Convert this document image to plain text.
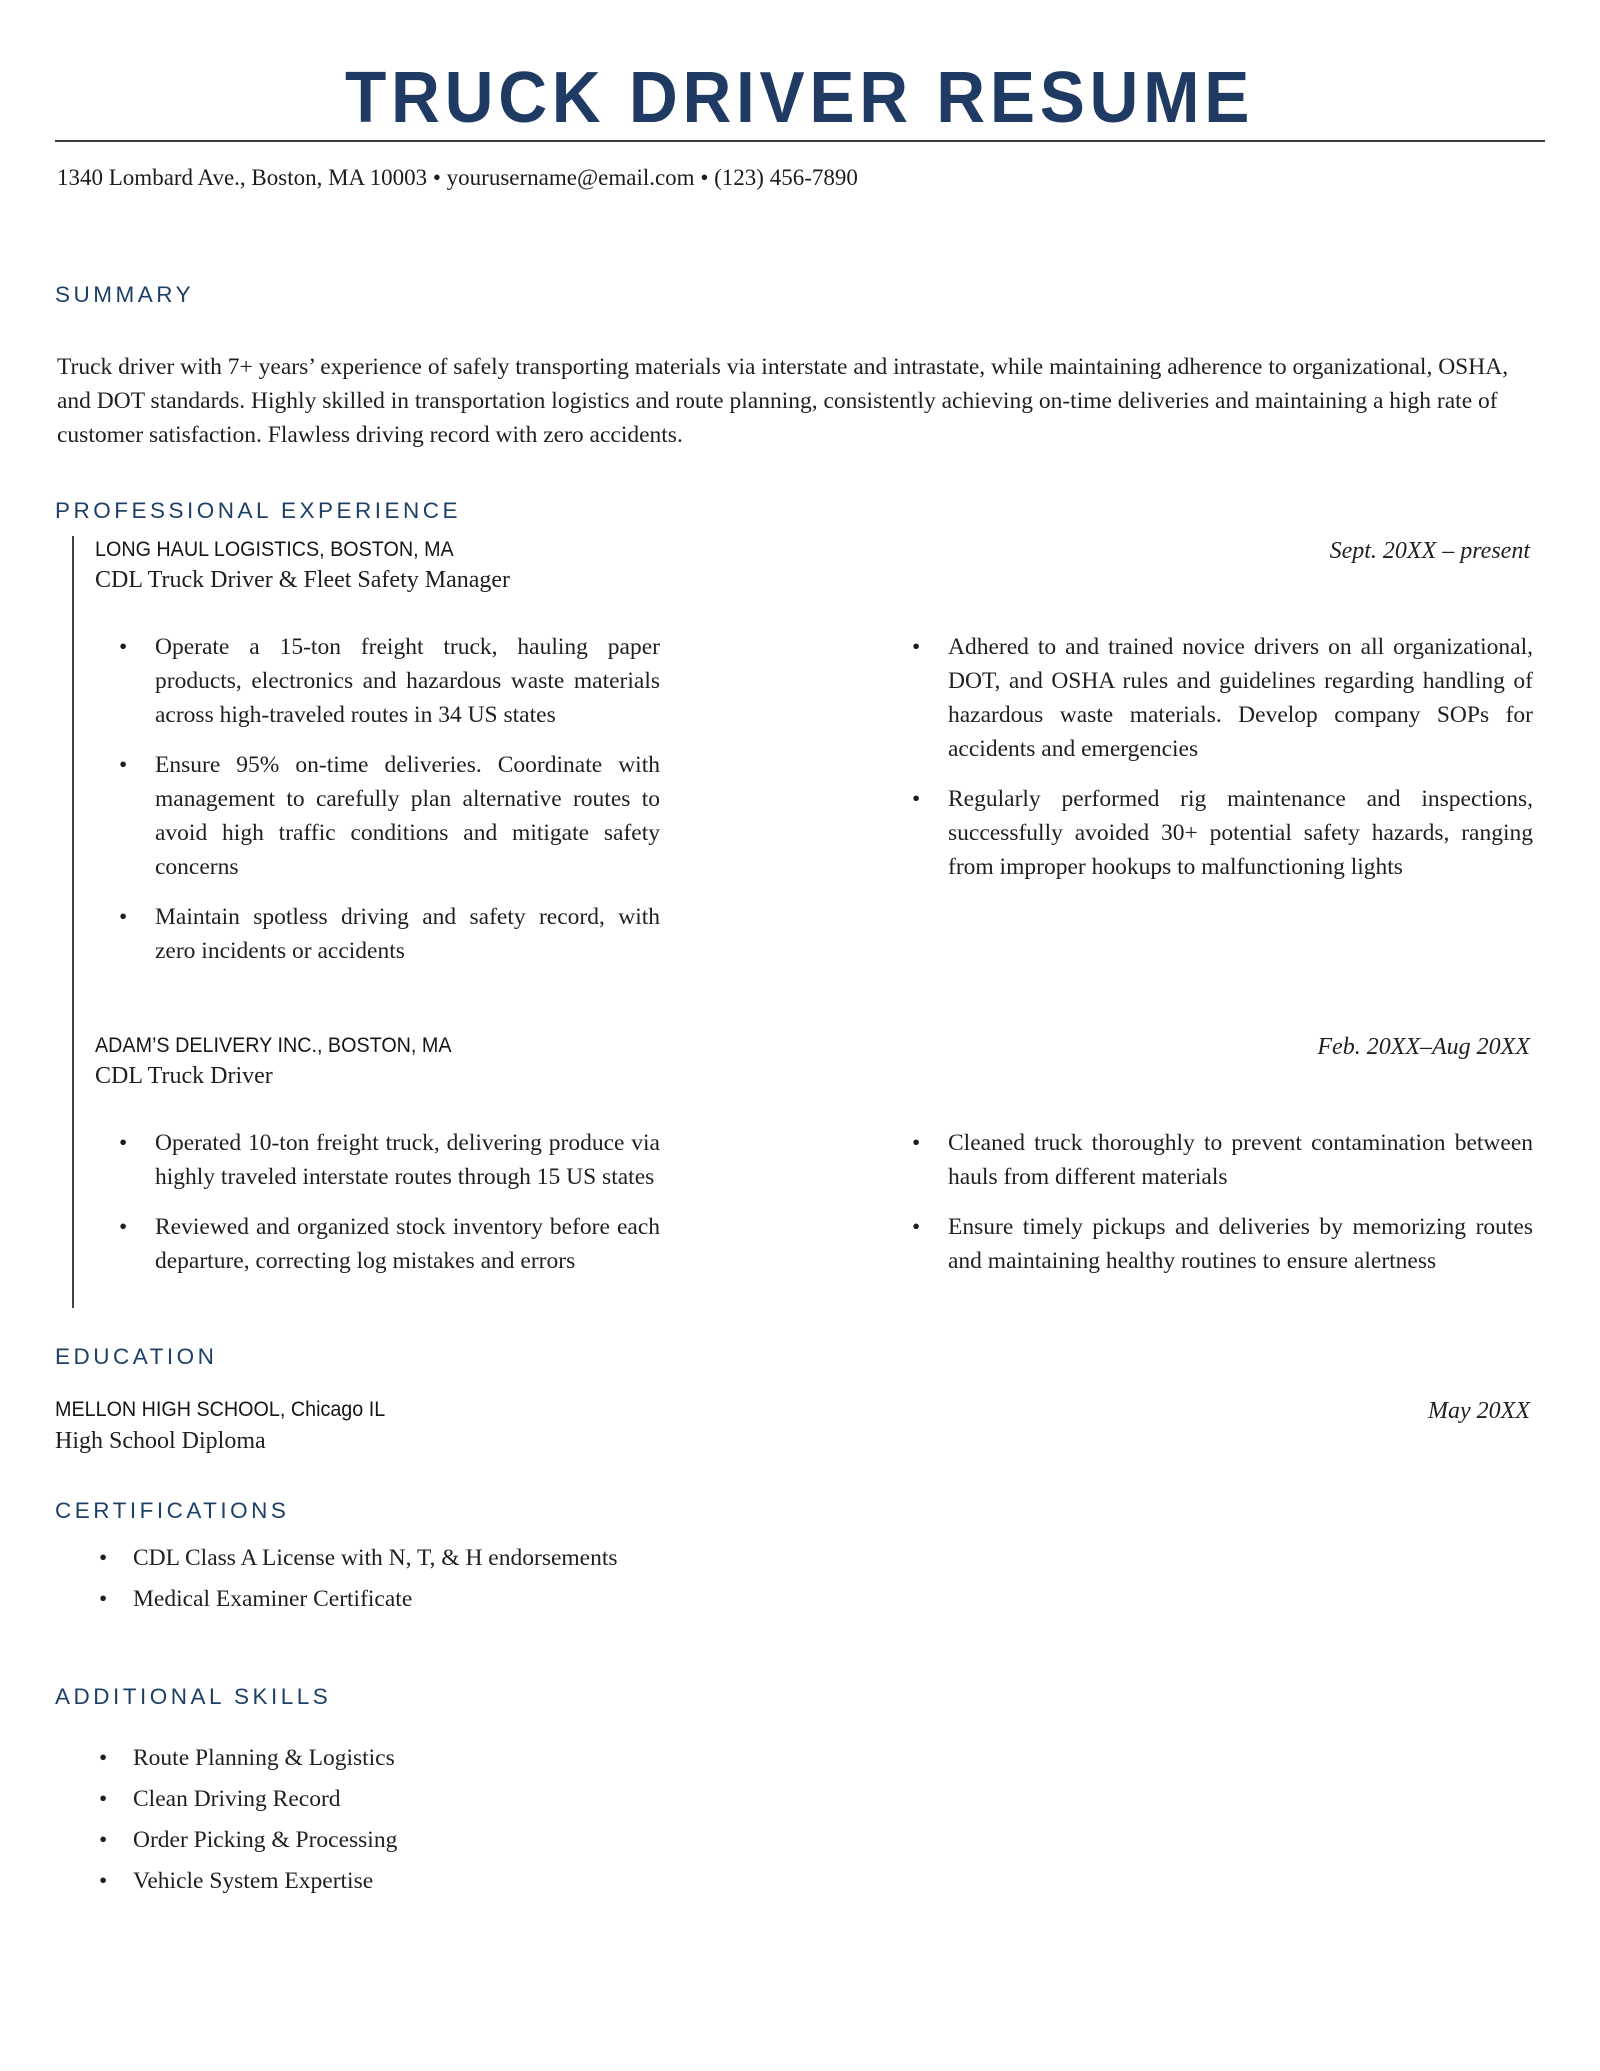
TRUCK DRIVER RESUME

1340 Lombard Ave., Boston, MA 10003 • yourusername@email.com • (123) 456-7890

SUMMARY

Truck driver with 7+ years’ experience of safely transporting materials via interstate and intrastate, while maintaining adherence to organizational, OSHA, and DOT standards. Highly skilled in transportation logistics and route planning, consistently achieving on-time deliveries and maintaining a high rate of customer satisfaction. Flawless driving record with zero accidents.

PROFESSIONAL EXPERIENCE
LONG HAUL LOGISTICS, BOSTON, MA
CDL Truck Driver & Fleet Safety Manager
Sept. 20XX – present
• Operate a 15-ton freight truck, hauling paper products, electronics and hazardous waste materials across high-traveled routes in 34 US states
• Ensure 95% on-time deliveries. Coordinate with management to carefully plan alternative routes to avoid high traffic conditions and mitigate safety concerns
• Maintain spotless driving and safety record, with zero incidents or accidents
• Adhered to and trained novice drivers on all organizational, DOT, and OSHA rules and guidelines regarding handling of hazardous waste materials. Develop company SOPs for accidents and emergencies
• Regularly performed rig maintenance and inspections, successfully avoided 30+ potential safety hazards, ranging from improper hookups to malfunctioning lights
ADAM’S DELIVERY INC., BOSTON, MA
CDL Truck Driver
Feb. 20XX–Aug 20XX
• Operated 10-ton freight truck, delivering produce via highly traveled interstate routes through 15 US states
• Reviewed and organized stock inventory before each departure, correcting log mistakes and errors
• Cleaned truck thoroughly to prevent contamination between hauls from different materials
• Ensure timely pickups and deliveries by memorizing routes and maintaining healthy routines to ensure alertness
EDUCATION
MELLON HIGH SCHOOL, Chicago IL
High School Diploma
May 20XX
CERTIFICATIONS
• CDL Class A License with N, T, & H endorsements
• Medical Examiner Certificate
ADDITIONAL SKILLS
• Route Planning & Logistics
• Clean Driving Record
• Order Picking & Processing
• Vehicle System Expertise
